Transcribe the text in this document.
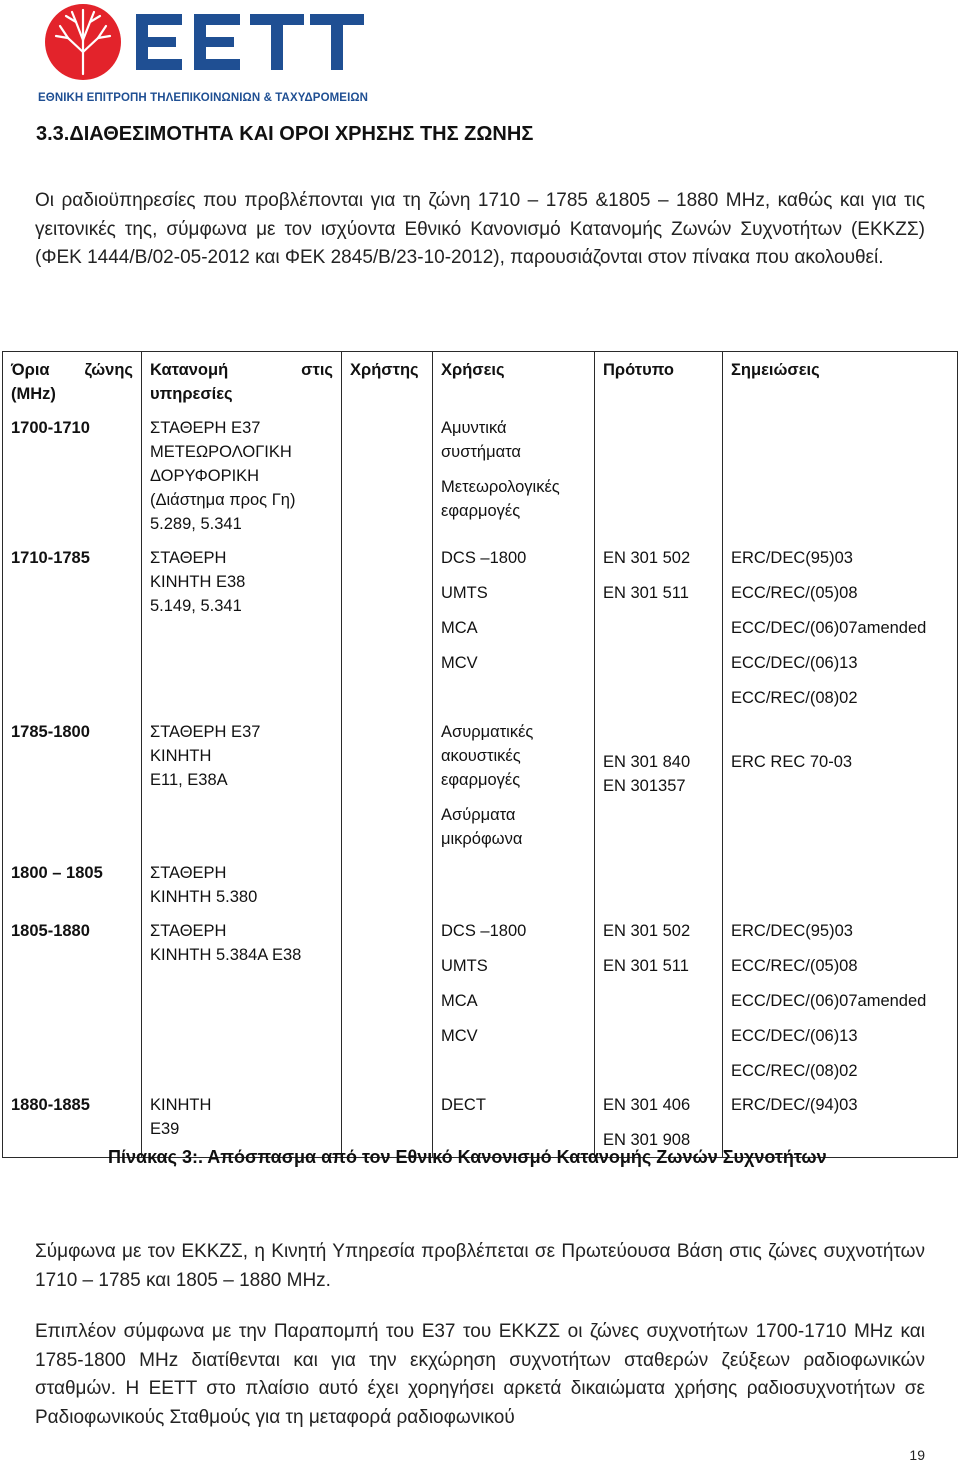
ΕΘΝΙΚΗ ΕΠΙΤΡΟΠΗ ΤΗΛΕΠΙΚΟΙΝΩΝΙΩΝ & ΤΑΧΥΔΡΟΜΕΙΩΝ
3.3.ΔΙΑΘΕΣΙΜΟΤΗΤΑ ΚΑΙ ΟΡΟΙ ΧΡΗΣΗΣ ΤΗΣ ΖΩΝΗΣ
Οι ραδιοϋπηρεσίες που προβλέπονται για τη ζώνη 1710 – 1785 &1805 – 1880 MHz, καθώς και για τις γειτονικές της, σύμφωνα με τον ισχύοντα Εθνικό Κανονισμό Κατανομής Ζωνών Συχνοτήτων (ΕΚΚΖΣ) (ΦΕΚ 1444/Β/02-05-2012 και ΦΕΚ 2845/Β/23-10-2012), παρουσιάζονται στον πίνακα που ακολουθεί.
Όρια ζώνης
(MHz)	Κατανομή στις
υπηρεσίες	Χρήστης	Χρήσεις	Πρότυπο	Σημειώσεις

1700-1710	ΣΤΑΘΕΡΗ Ε37
ΜΕΤΕΩΡΟΛΟΓΙΚΗ
ΔΟΡΥΦΟΡΙΚΗ
(Διάστημα προς Γη)
5.289, 5.341		Αμυντικά
συστήματα
Μετεωρολογικές
εφαρμογές		

1710-1785	ΣΤΑΘΕΡΗ
ΚΙΝΗΤΗ Ε38
5.149, 5.341		DCS –1800
UMTS
MCA
MCV	EN 301 502
EN 301 511	ERC/DEC(95)03
ECC/REC/(05)08
ECC/DEC/(06)07amended
ECC/DEC/(06)13
ECC/REC/(08)02

1785-1800	ΣΤΑΘΕΡΗ Ε37
ΚΙΝΗΤΗ
Ε11, Ε38Α		Ασυρματικές
ακουστικές
εφαρμογές
Ασύρματα
μικρόφωνα	EN 301 840
EN 301357	ERC REC 70-03

1800 – 1805	ΣΤΑΘΕΡΗ
ΚΙΝΗΤΗ 5.380				

1805-1880	ΣΤΑΘΕΡΗ
ΚΙΝΗΤΗ 5.384Α Ε38		DCS –1800
UMTS
MCA
MCV	EN 301 502
EN 301 511	ERC/DEC(95)03
ECC/REC/(05)08
ECC/DEC/(06)07amended
ECC/DEC/(06)13
ECC/REC/(08)02

1880-1885	ΚΙΝΗΤΗ
Ε39		DECT	EN 301 406
EN 301 908	ERC/DEC/(94)03
Πίνακας 3:. Απόσπασμα από τον Εθνικό Κανονισμό Κατανομής Ζωνών Συχνοτήτων
Σύμφωνα με τον ΕΚΚΖΣ, η Κινητή Υπηρεσία προβλέπεται σε Πρωτεύουσα Βάση στις ζώνες συχνοτήτων 1710 – 1785 και 1805 – 1880 MHz.
Επιπλέον σύμφωνα με την Παραπομπή του Ε37 του ΕΚΚΖΣ οι ζώνες συχνοτήτων 1700-1710 MHz και 1785-1800 MHz διατίθενται και για την εκχώρηση συχνοτήτων σταθερών ζεύξεων ραδιοφωνικών σταθμών. Η ΕΕΤΤ στο πλαίσιο αυτό έχει χορηγήσει αρκετά δικαιώματα χρήσης ραδιοσυχνοτήτων σε Ραδιοφωνικούς Σταθμούς για τη μεταφορά ραδιοφωνικού
19
